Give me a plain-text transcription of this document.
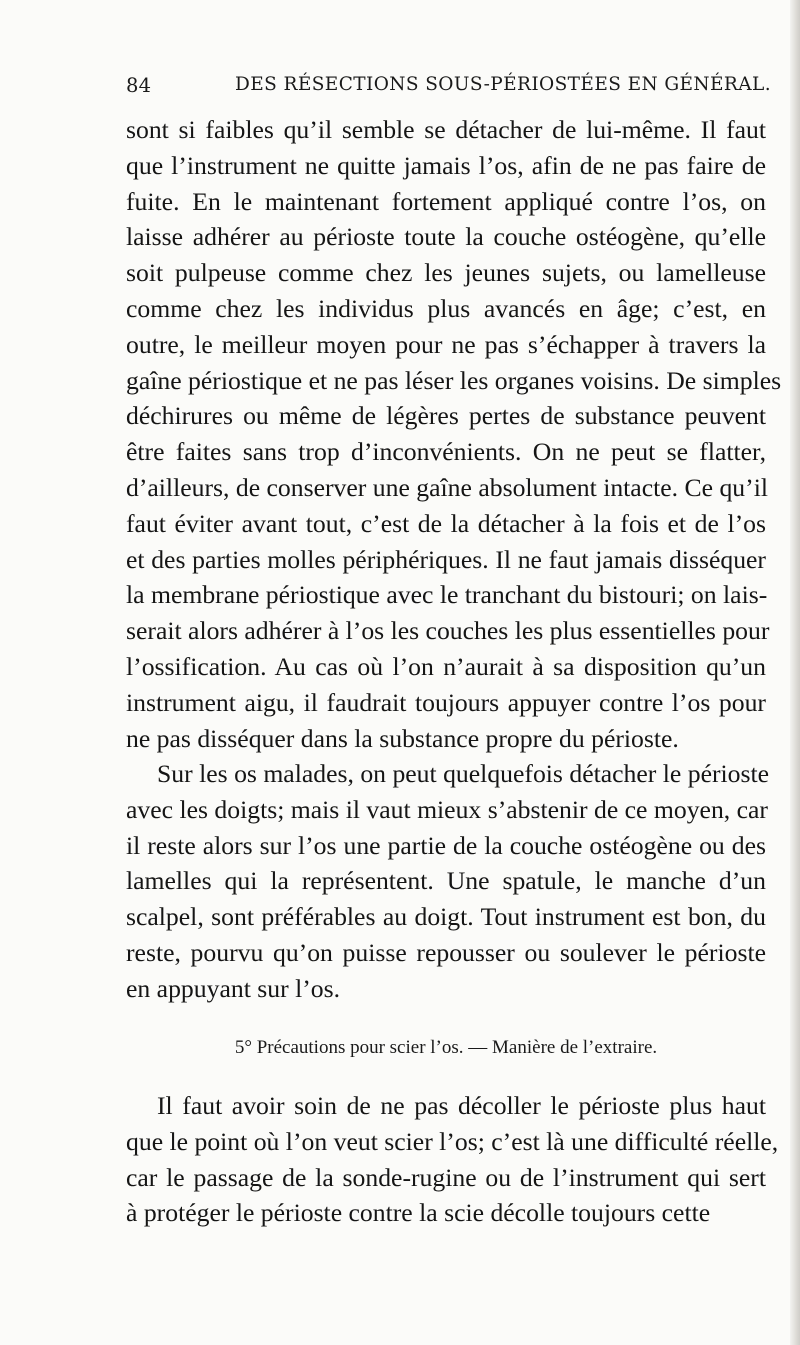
84	DES RÉSECTIONS SOUS-PÉRIOSTÉES EN GÉNÉRAL.
sont si faibles qu’il semble se détacher de lui-même. Il faut
que l’instrument ne quitte jamais l’os, afin de ne pas faire de
fuite. En le maintenant fortement appliqué contre l’os, on
laisse adhérer au périoste toute la couche ostéogène, qu’elle
soit pulpeuse comme chez les jeunes sujets, ou lamelleuse
comme chez les individus plus avancés en âge; c’est, en
outre, le meilleur moyen pour ne pas s’échapper à travers la
gaîne périostique et ne pas léser les organes voisins. De simples
déchirures ou même de légères pertes de substance peuvent
être faites sans trop d’inconvénients. On ne peut se flatter,
d’ailleurs, de conserver une gaîne absolument intacte. Ce qu’il
faut éviter avant tout, c’est de la détacher à la fois et de l’os
et des parties molles périphériques. Il ne faut jamais disséquer
la membrane périostique avec le tranchant du bistouri; on lais-
serait alors adhérer à l’os les couches les plus essentielles pour
l’ossification. Au cas où l’on n’aurait à sa disposition qu’un
instrument aigu, il faudrait toujours appuyer contre l’os pour
ne pas disséquer dans la substance propre du périoste.
Sur les os malades, on peut quelquefois détacher le périoste
avec les doigts; mais il vaut mieux s’abstenir de ce moyen, car
il reste alors sur l’os une partie de la couche ostéogène ou des
lamelles qui la représentent. Une spatule, le manche d’un
scalpel, sont préférables au doigt. Tout instrument est bon, du
reste, pourvu qu’on puisse repousser ou soulever le périoste
en appuyant sur l’os.
5° Précautions pour scier l’os. — Manière de l’extraire.
Il faut avoir soin de ne pas décoller le périoste plus haut
que le point où l’on veut scier l’os; c’est là une difficulté réelle,
car le passage de la sonde-rugine ou de l’instrument qui sert
à protéger le périoste contre la scie décolle toujours cette
